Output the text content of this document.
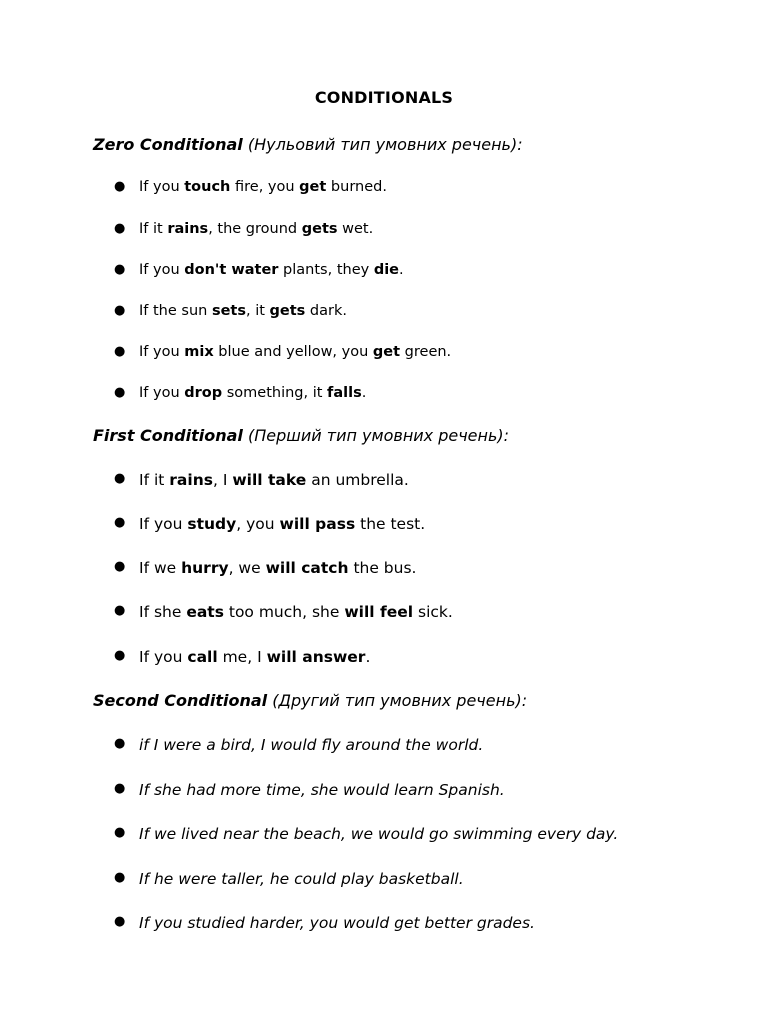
CONDITIONALS
Zero Conditional (Нульовий тип умовних речень):
● If you touch fire, you get burned.
● If it rains, the ground gets wet.
● If you don't water plants, they die.
● If the sun sets, it gets dark.
● If you mix blue and yellow, you get green.
● If you drop something, it falls.
First Conditional (Перший тип умовних речень):
● If it rains, I will take an umbrella.
● If you study, you will pass the test.
● If we hurry, we will catch the bus.
● If she eats too much, she will feel sick.
● If you call me, I will answer.
Second Conditional (Другий тип умовних речень):
● if I were a bird, I would fly around the world.
● If she had more time, she would learn Spanish.
● If we lived near the beach, we would go swimming every day.
● If he were taller, he could play basketball.
● If you studied harder, you would get better grades.
